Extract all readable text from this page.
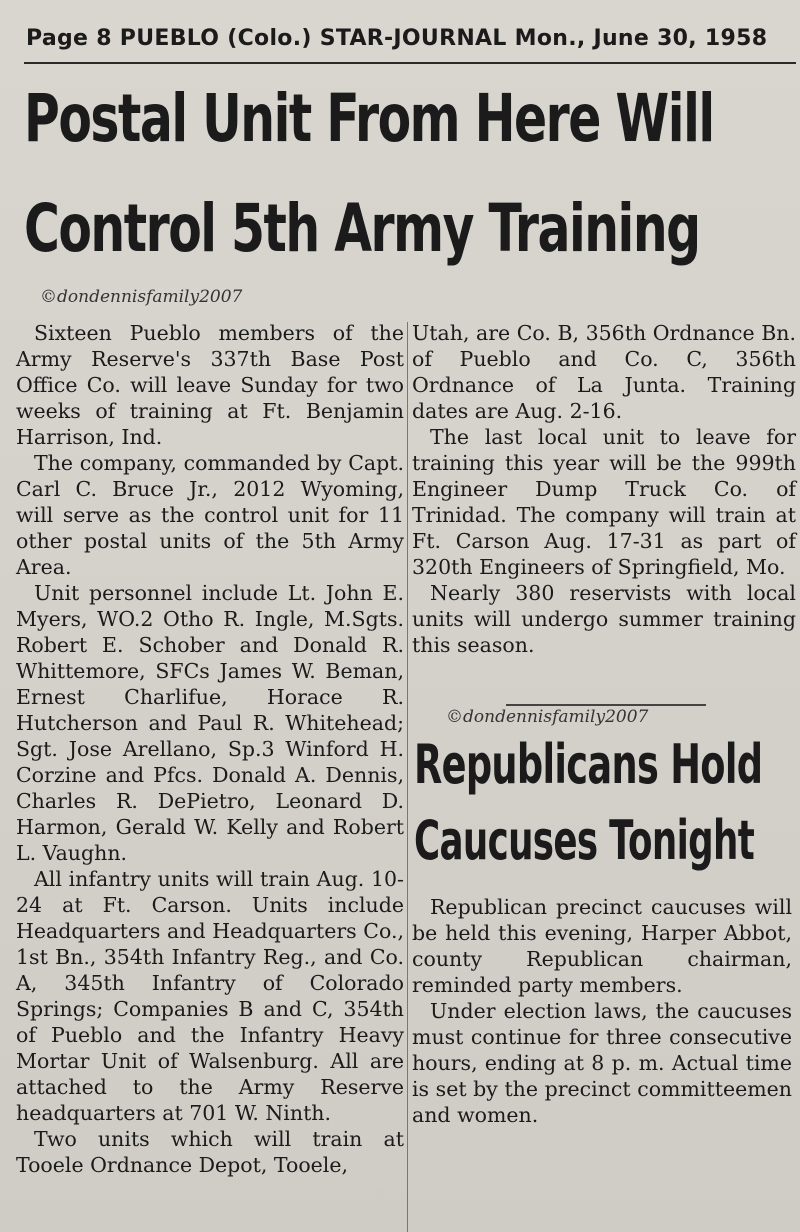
Page 8 PUEBLO (Colo.) STAR-JOURNAL Mon., June 30, 1958
Postal Unit From Here Will
Control 5th Army Training
©dondennisfamily2007

Sixteen Pueblo members of the Army Reserve's 337th Base Post Office Co. will leave Sunday for two weeks of training at Ft. Benjamin Harrison, Ind.

The company, commanded by Capt. Carl C. Bruce Jr., 2012 Wyoming, will serve as the control unit for 11 other postal units of the 5th Army Area.

Unit personnel include Lt. John E. Myers, WO.2 Otho R. Ingle, M.Sgts. Robert E. Schober and Donald R. Whittemore, SFCs James W. Beman, Ernest Charlifue, Horace R. Hutcherson and Paul R. Whitehead; Sgt. Jose Arellano, Sp.3 Winford H. Corzine and Pfcs. Donald A. Dennis, Charles R. DePietro, Leonard D. Harmon, Gerald W. Kelly and Robert L. Vaughn.

All infantry units will train Aug. 10-24 at Ft. Carson. Units include Headquarters and Headquarters Co., 1st Bn., 354th Infantry Reg., and Co. A, 345th Infantry of Colorado Springs; Companies B and C, 354th of Pueblo and the Infantry Heavy Mortar Unit of Walsenburg. All are attached to the Army Reserve headquarters at 701 W. Ninth.

Two units which will train at Tooele Ordnance Depot, Tooele,

Utah, are Co. B, 356th Ordnance Bn. of Pueblo and Co. C, 356th Ordnance of La Junta. Training dates are Aug. 2-16.

The last local unit to leave for training this year will be the 999th Engineer Dump Truck Co. of Trinidad. The company will train at Ft. Carson Aug. 17-31 as part of 320th Engineers of Springfield, Mo.

Nearly 380 reservists with local units will undergo summer training this season.

©dondennisfamily2007
Republicans Hold
Caucuses Tonight

Republican precinct caucuses will be held this evening, Harper Abbot, county Republican chairman, reminded party members.

Under election laws, the caucuses must continue for three consecutive hours, ending at 8 p. m. Actual time is set by the precinct committeemen and women.
